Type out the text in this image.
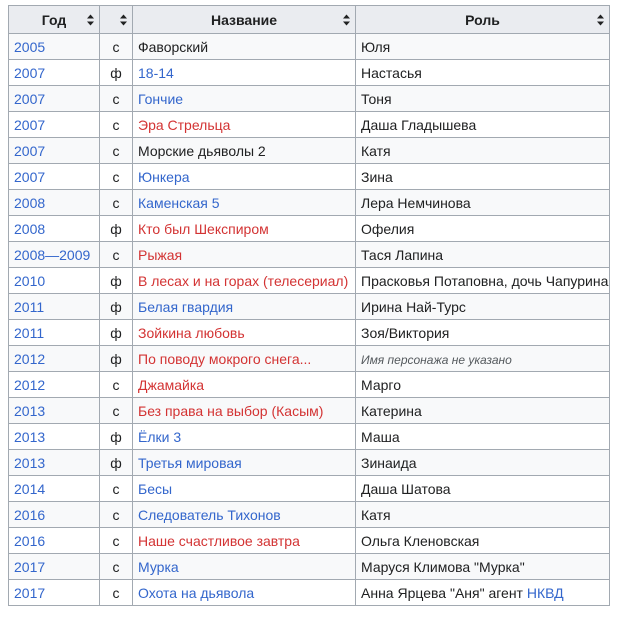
Год		Название	Роль

2005	с	Фаворский	Юля
2007	ф	18-14	Настасья
2007	с	Гончие	Тоня
2007	с	Эра Стрельца	Даша Гладышева
2007	с	Морские дьяволы 2	Катя
2007	с	Юнкера	Зина
2008	с	Каменская 5	Лера Немчинова
2008	ф	Кто был Шекспиром	Офелия
2008—2009	с	Рыжая	Тася Лапина
2010	ф	В лесах и на горах (телесериал)	Прасковья Потаповна, дочь Чапурина
2011	ф	Белая гвардия	Ирина Най-Турс
2011	ф	Зойкина любовь	Зоя/Виктория
2012	ф	По поводу мокрого снега...	Имя персонажа не указано
2012	с	Джамайка	Марго
2013	с	Без права на выбор (Касым)	Катерина
2013	ф	Ёлки 3	Маша
2013	ф	Третья мировая	Зинаида
2014	с	Бесы	Даша Шатова
2016	с	Следователь Тихонов	Катя
2016	с	Наше счастливое завтра	Ольга Кленовская
2017	с	Мурка	Маруся Климова "Мурка"
2017	с	Охота на дьявола	Анна Ярцева "Аня" агент НКВД
